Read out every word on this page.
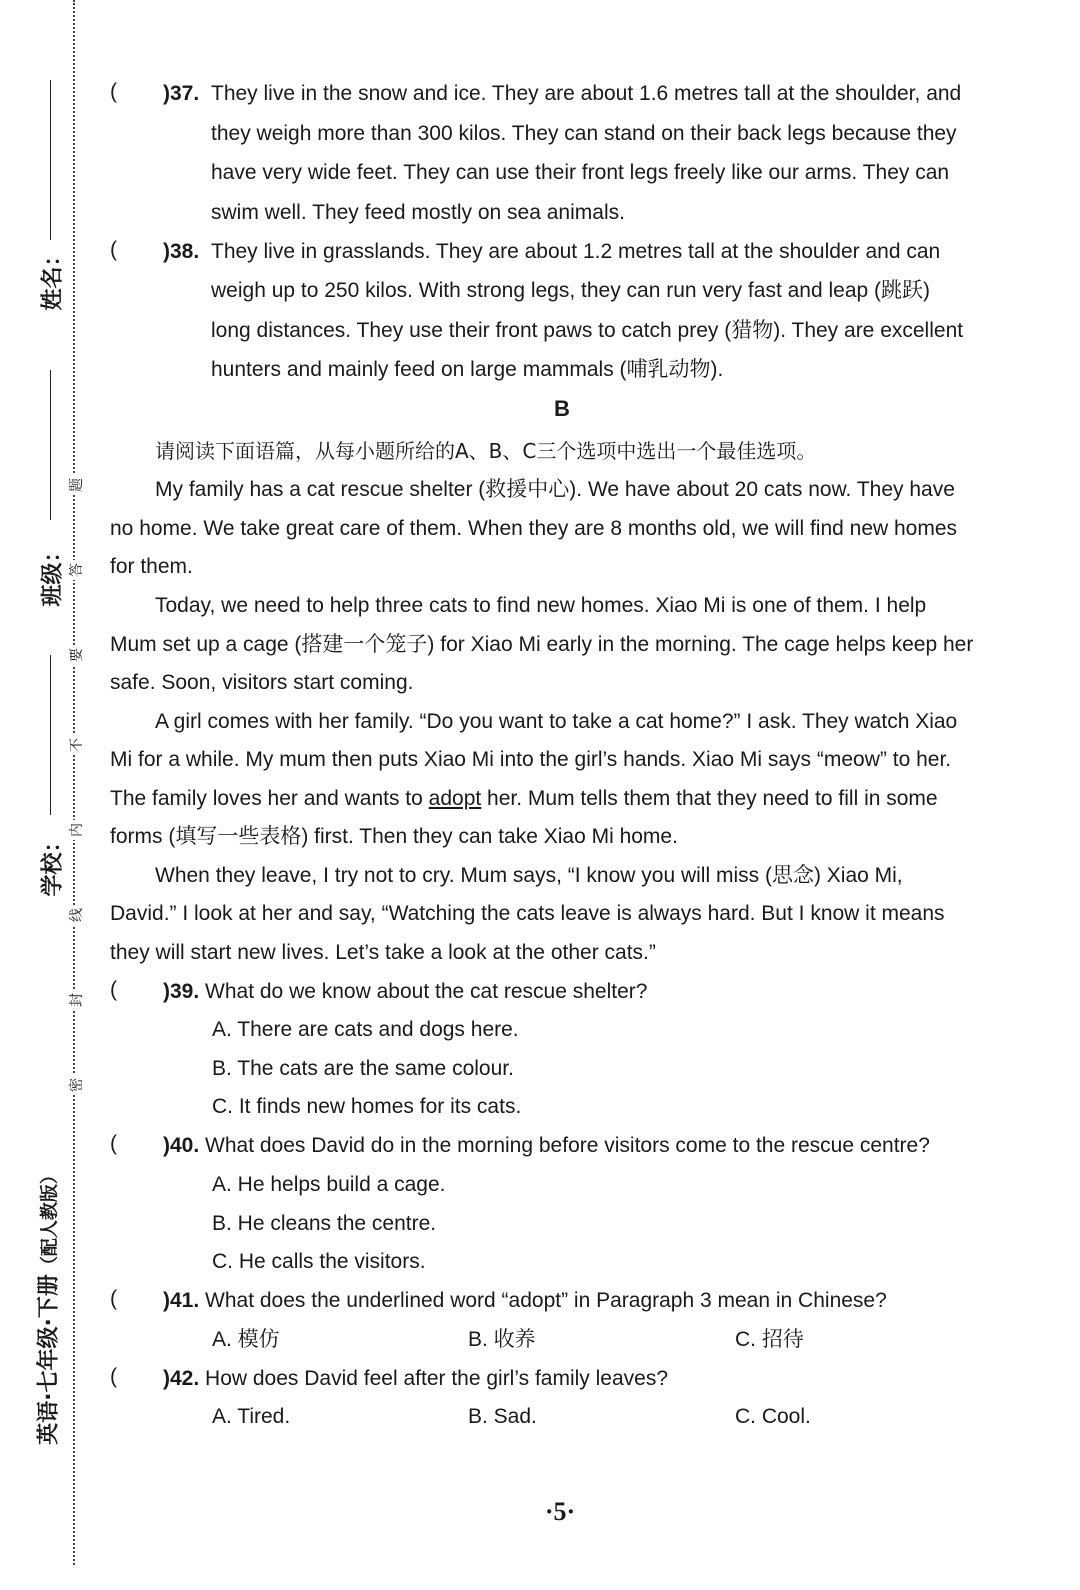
姓名：
班级：
学校：
题
答
要
不
内
线
封
密
英语·七年级·下册（配人教版）
( )37. They live in the snow and ice. They are about 1.6 metres tall at the shoulder, and
they weigh more than 300 kilos. They can stand on their back legs because they
have very wide feet. They can use their front legs freely like our arms. They can
swim well. They feed mostly on sea animals.
( )38. They live in grasslands. They are about 1.2 metres tall at the shoulder and can
weigh up to 250 kilos. With strong legs, they can run very fast and leap (跳跃)
long distances. They use their front paws to catch prey (猎物). They are excellent
hunters and mainly feed on large mammals (哺乳动物).
B
请阅读下面语篇，从每小题所给的A、B、C三个选项中选出一个最佳选项。
My family has a cat rescue shelter (救援中心). We have about 20 cats now. They have
no home. We take great care of them. When they are 8 months old, we will find new homes
for them.
Today, we need to help three cats to find new homes. Xiao Mi is one of them. I help
Mum set up a cage (搭建一个笼子) for Xiao Mi early in the morning. The cage helps keep her
safe. Soon, visitors start coming.
A girl comes with her family. “Do you want to take a cat home?” I ask. They watch Xiao
Mi for a while. My mum then puts Xiao Mi into the girl’s hands. Xiao Mi says “meow” to her.
The family loves her and wants to adopt her. Mum tells them that they need to fill in some
forms (填写一些表格) first. Then they can take Xiao Mi home.
When they leave, I try not to cry. Mum says, “I know you will miss (思念) Xiao Mi,
David.” I look at her and say, “Watching the cats leave is always hard. But I know it means
they will start new lives. Let’s take a look at the other cats.”
( )39. What do we know about the cat rescue shelter?
A. There are cats and dogs here.
B. The cats are the same colour.
C. It finds new homes for its cats.
( )40. What does David do in the morning before visitors come to the rescue centre?
A. He helps build a cage.
B. He cleans the centre.
C. He calls the visitors.
( )41. What does the underlined word “adopt” in Paragraph 3 mean in Chinese?
A. 模仿	B. 收养	C. 招待
( )42. How does David feel after the girl’s family leaves?
A. Tired.	B. Sad.	C. Cool.
·5·
